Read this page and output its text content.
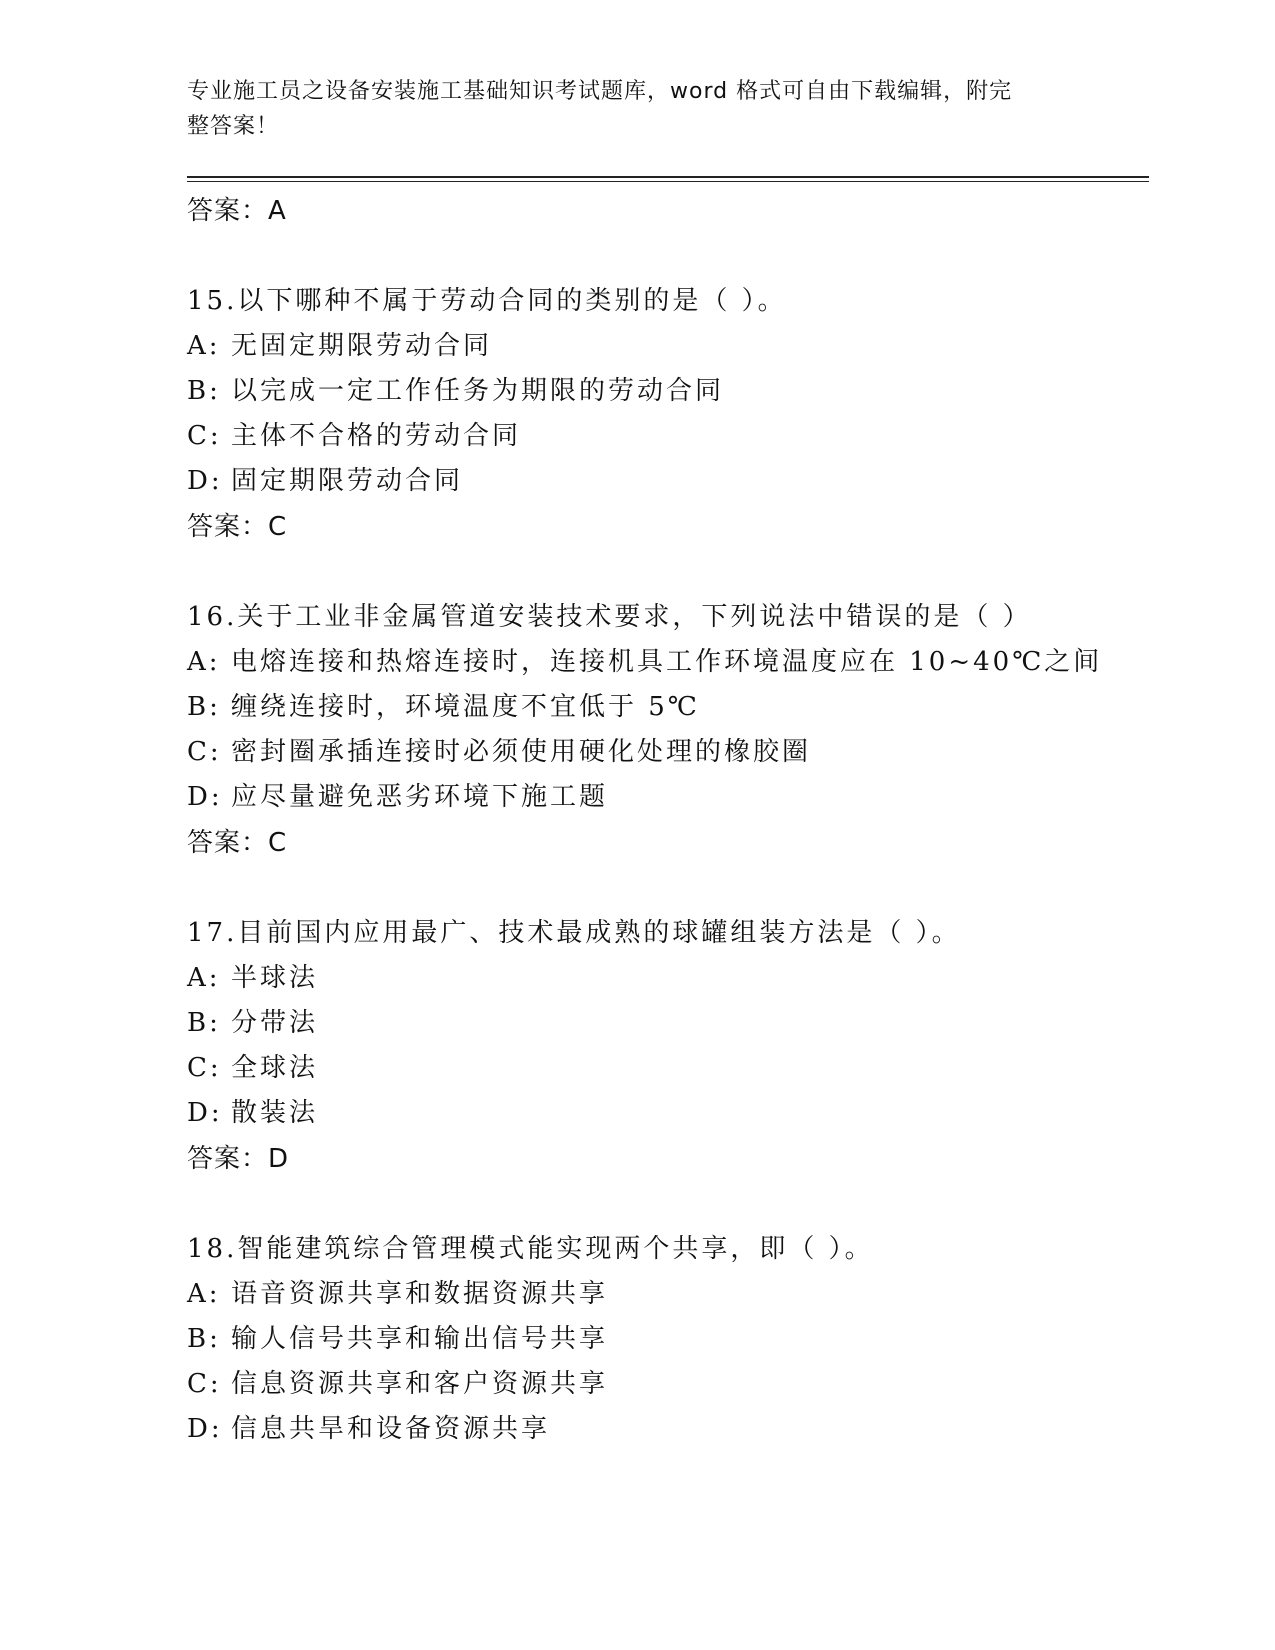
专业施工员之设备安装施工基础知识考试题库，word 格式可自由下载编辑，附完
整答案！

答案：A

15.以下哪种不属于劳动合同的类别的是（ ）。

A: 无固定期限劳动合同

B: 以完成一定工作任务为期限的劳动合同

C: 主体不合格的劳动合同

D: 固定期限劳动合同

答案：C

16.关于工业非金属管道安装技术要求，下列说法中错误的是（ ）

A: 电熔连接和热熔连接时，连接机具工作环境温度应在 10~40℃之间

B: 缠绕连接时，环境温度不宜低于 5℃

C: 密封圈承插连接时必须使用硬化处理的橡胶圈

D: 应尽量避免恶劣环境下施工题

答案：C

17.目前国内应用最广、技术最成熟的球罐组装方法是（ ）。

A: 半球法

B: 分带法

C: 全球法

D: 散装法

答案：D

18.智能建筑综合管理模式能实现两个共享，即（ ）。

A: 语音资源共享和数据资源共享

B: 输人信号共享和输出信号共享

C: 信息资源共享和客户资源共享

D: 信息共旱和设备资源共享
